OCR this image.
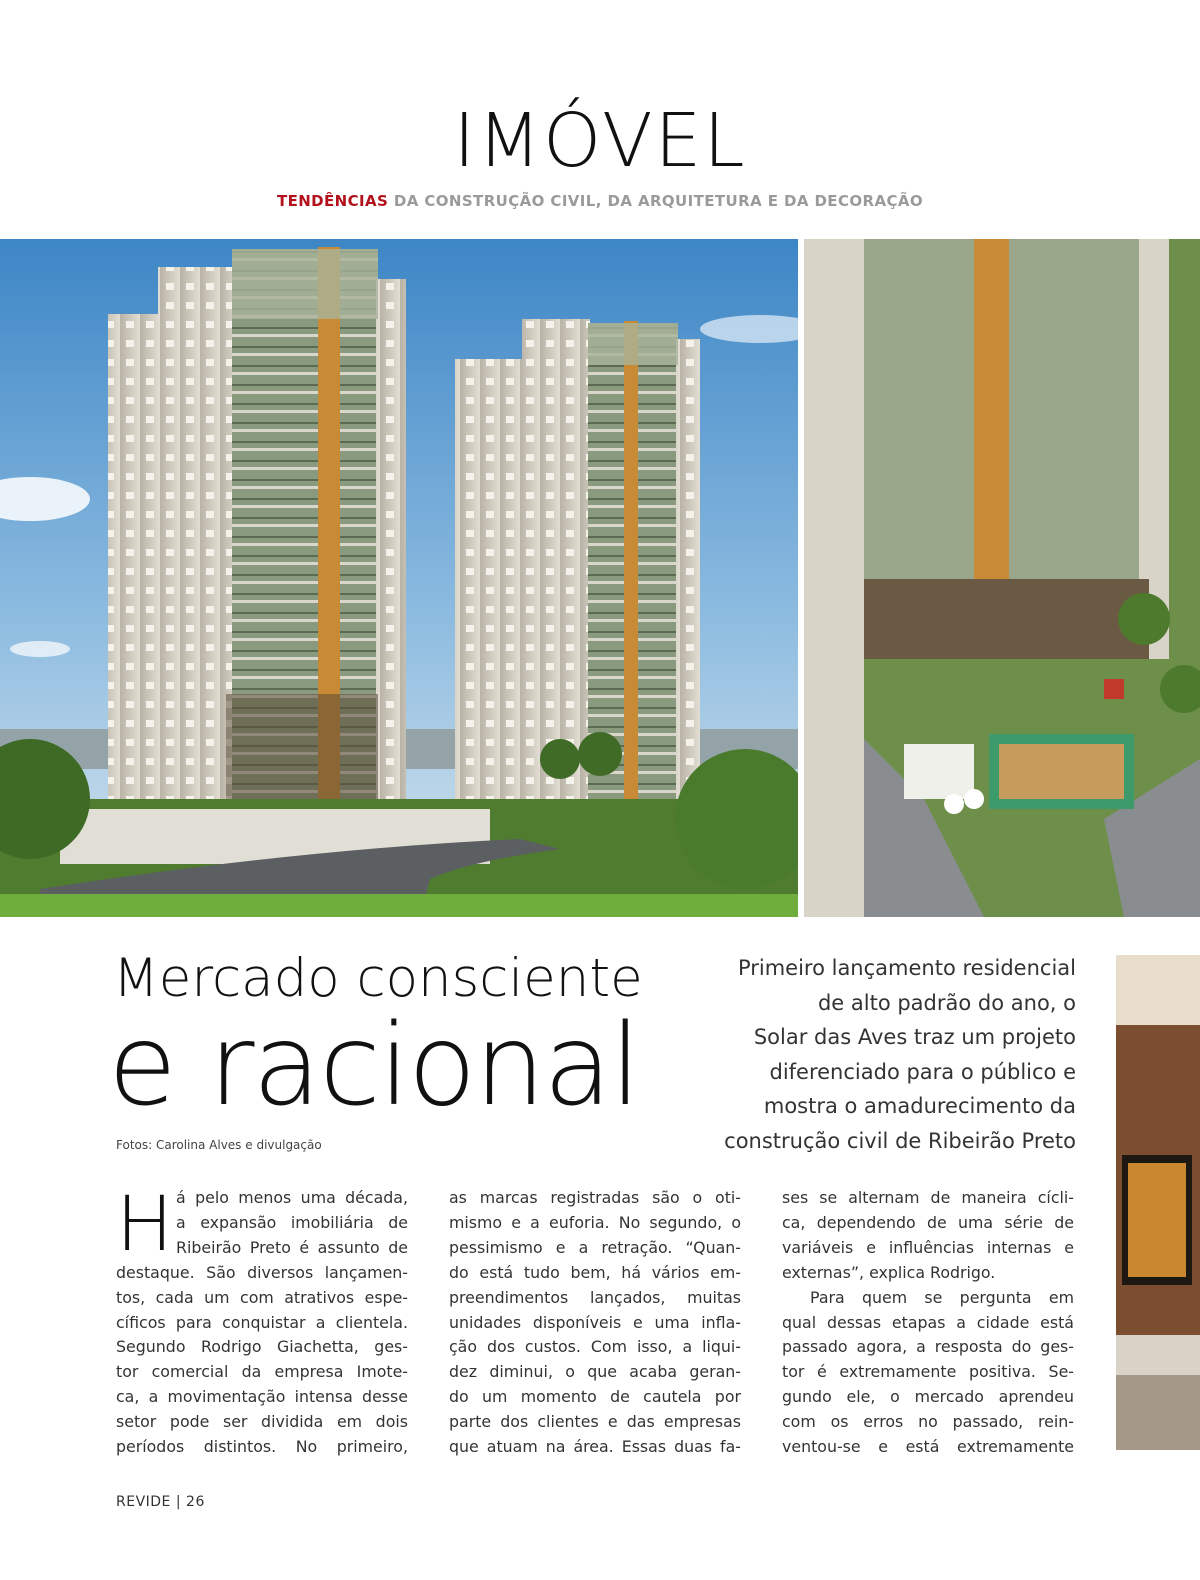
IMÓVEL
TENDÊNCIAS DA CONSTRUÇÃO CIVIL, DA ARQUITETURA E DA DECORAÇÃO
Mercado consciente
e racional
Fotos: Carolina Alves e divulgação
Primeiro lançamento residencial
de alto padrão do ano, o
Solar das Aves traz um projeto
diferenciado para o público e
mostra o amadurecimento da
construção civil de Ribeirão Preto
H á pelo menos uma década,
a expansão imobiliária de
Ribeirão Preto é assunto de
destaque. São diversos lançamen-
tos, cada um com atrativos espe-
cíficos para conquistar a clientela.
Segundo Rodrigo Giachetta, ges-
tor comercial da empresa Imote-
ca, a movimentação intensa desse
setor pode ser dividida em dois
períodos distintos. No primeiro,
as marcas registradas são o oti-
mismo e a euforia. No segundo, o
pessimismo e a retração. “Quan-
do está tudo bem, há vários em-
preendimentos lançados, muitas
unidades disponíveis e uma infla-
ção dos custos. Com isso, a liqui-
dez diminui, o que acaba geran-
do um momento de cautela por
parte dos clientes e das empresas
que atuam na área. Essas duas fa-
ses se alternam de maneira cícli-
ca, dependendo de uma série de
variáveis e influências internas e
externas”, explica Rodrigo.
Para quem se pergunta em
qual dessas etapas a cidade está
passado agora, a resposta do ges-
tor é extremamente positiva. Se-
gundo ele, o mercado aprendeu
com os erros no passado, rein-
ventou-se e está extremamente
REVIDE | 26
